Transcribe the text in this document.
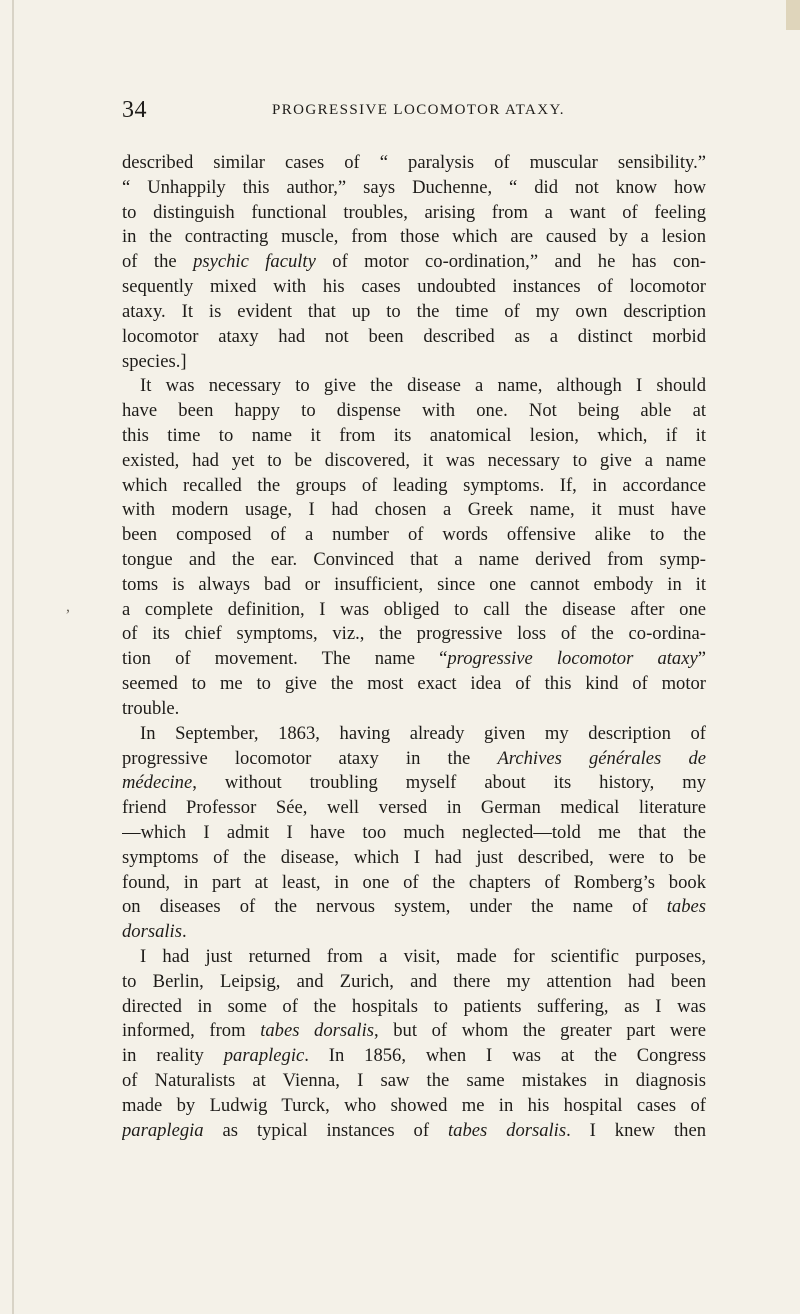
,
34	PROGRESSIVE LOCOMOTOR ATAXY.
described similar cases of “ paralysis of muscular sensibility.”
“ Unhappily this author,” says Duchenne, “ did not know how
to distinguish functional troubles, arising from a want of feeling
in the contracting muscle, from those which are caused by a lesion
of the psychic faculty of motor co-ordination,” and he has con-
sequently mixed with his cases undoubted instances of locomotor
ataxy. It is evident that up to the time of my own description
locomotor ataxy had not been described as a distinct morbid
species.]
It was necessary to give the disease a name, although I should
have been happy to dispense with one. Not being able at
this time to name it from its anatomical lesion, which, if it
existed, had yet to be discovered, it was necessary to give a name
which recalled the groups of leading symptoms. If, in accordance
with modern usage, I had chosen a Greek name, it must have
been composed of a number of words offensive alike to the
tongue and the ear. Convinced that a name derived from symp-
toms is always bad or insufficient, since one cannot embody in it
a complete definition, I was obliged to call the disease after one
of its chief symptoms, viz., the progressive loss of the co-ordina-
tion of movement. The name “progressive locomotor ataxy”
seemed to me to give the most exact idea of this kind of motor
trouble.
In September, 1863, having already given my description of
progressive locomotor ataxy in the Archives générales de
médecine, without troubling myself about its history, my
friend Professor Sée, well versed in German medical literature
—which I admit I have too much neglected—told me that the
symptoms of the disease, which I had just described, were to be
found, in part at least, in one of the chapters of Romberg’s book
on diseases of the nervous system, under the name of tabes
dorsalis.
I had just returned from a visit, made for scientific purposes,
to Berlin, Leipsig, and Zurich, and there my attention had been
directed in some of the hospitals to patients suffering, as I was
informed, from tabes dorsalis, but of whom the greater part were
in reality paraplegic. In 1856, when I was at the Congress
of Naturalists at Vienna, I saw the same mistakes in diagnosis
made by Ludwig Turck, who showed me in his hospital cases of
paraplegia as typical instances of tabes dorsalis. I knew then
